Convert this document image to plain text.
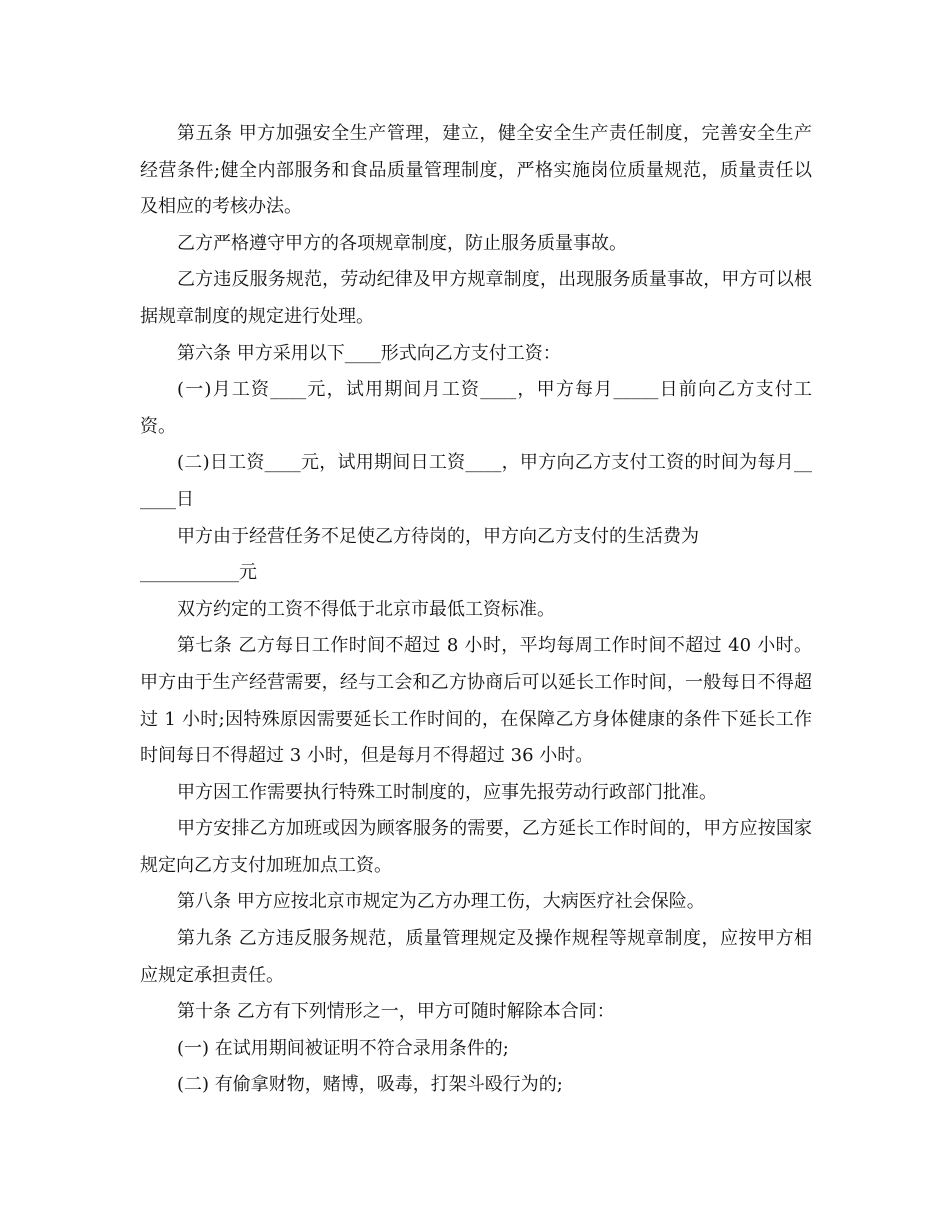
第五条 甲方加强安全生产管理，建立，健全安全生产责任制度，完善安全生产经营条件;健全内部服务和食品质量管理制度，严格实施岗位质量规范，质量责任以及相应的考核办法。

乙方严格遵守甲方的各项规章制度，防止服务质量事故。

乙方违反服务规范，劳动纪律及甲方规章制度，出现服务质量事故，甲方可以根据规章制度的规定进行处理。

第六条 甲方采用以下____形式向乙方支付工资：

(一)月工资____元，试用期间月工资____，甲方每月_____日前向乙方支付工资。

(二)日工资____元，试用期间日工资____，甲方向乙方支付工资的时间为每月______日

甲方由于经营任务不足使乙方待岗的，甲方向乙方支付的生活费为

___________元

双方约定的工资不得低于北京市最低工资标准。

第七条 乙方每日工作时间不超过 8 小时，平均每周工作时间不超过 40 小时。甲方由于生产经营需要，经与工会和乙方协商后可以延长工作时间，一般每日不得超过 1 小时;因特殊原因需要延长工作时间的，在保障乙方身体健康的条件下延长工作时间每日不得超过 3 小时，但是每月不得超过 36 小时。

甲方因工作需要执行特殊工时制度的，应事先报劳动行政部门批准。

甲方安排乙方加班或因为顾客服务的需要，乙方延长工作时间的，甲方应按国家规定向乙方支付加班加点工资。

第八条 甲方应按北京市规定为乙方办理工伤，大病医疗社会保险。

第九条 乙方违反服务规范，质量管理规定及操作规程等规章制度，应按甲方相应规定承担责任。

第十条 乙方有下列情形之一，甲方可随时解除本合同：

(一) 在试用期间被证明不符合录用条件的;

(二) 有偷拿财物，赌博，吸毒，打架斗殴行为的;
